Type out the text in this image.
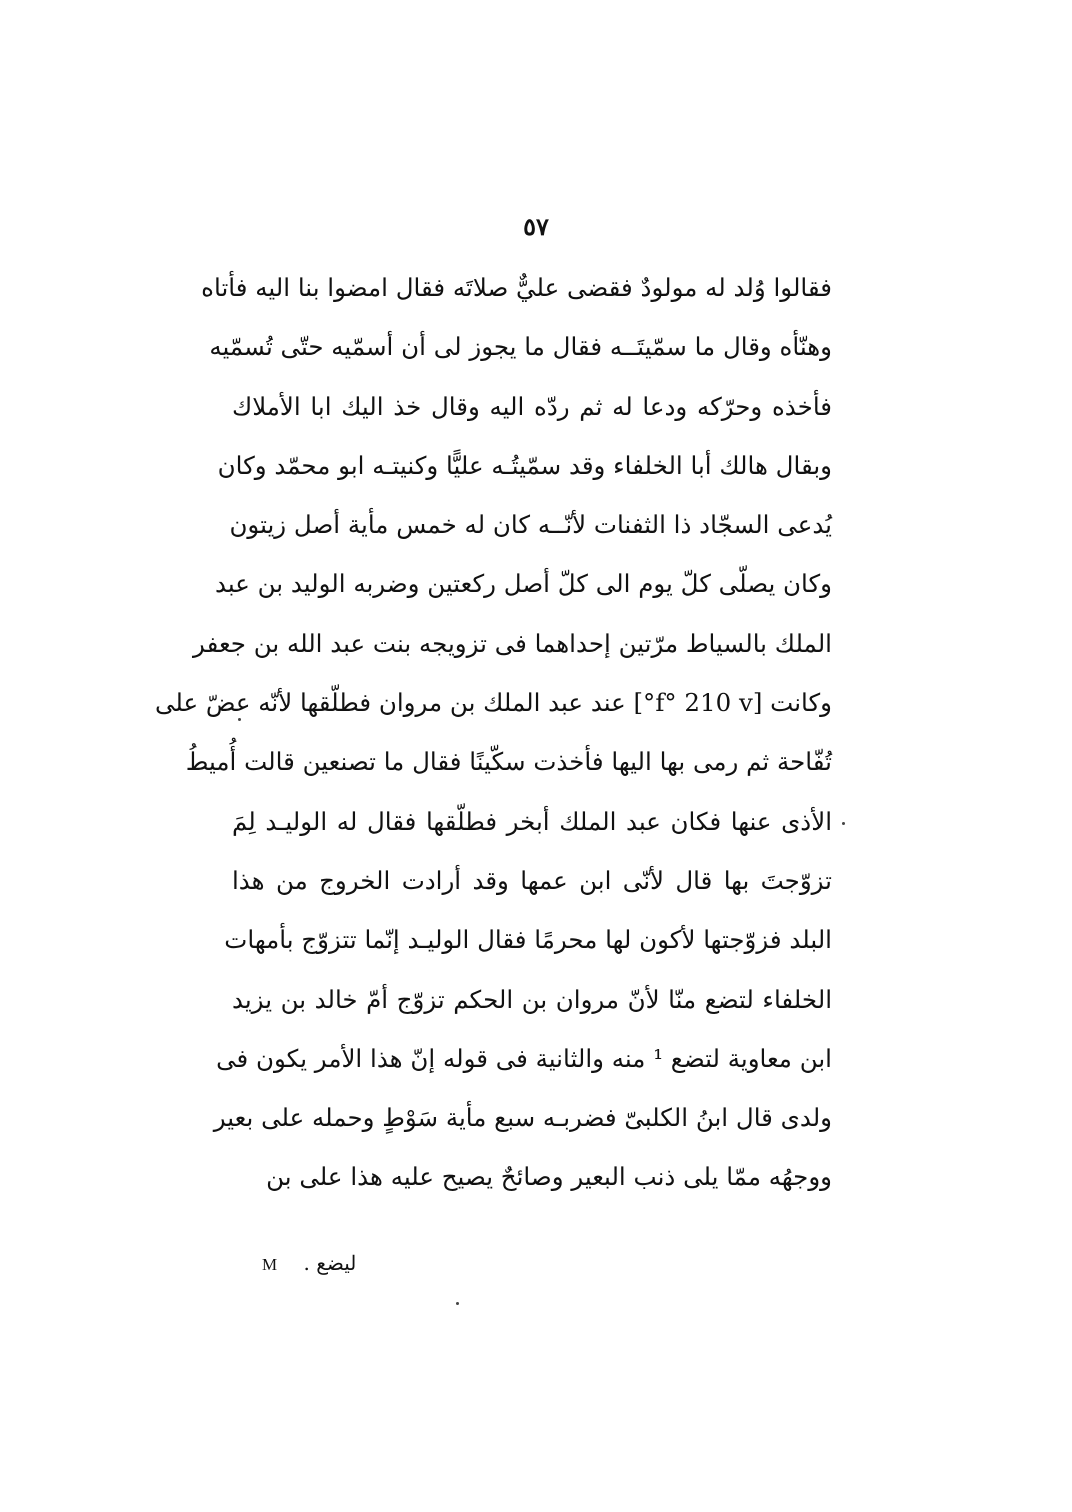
٥٧
فقالوا وُلد له مولودٌ فقضى عليٌّ صلاتَه فقال امضوا بنا اليه فأتاه
وهنّأه وقال ما سمّيتَــه فقال ما يجوز لى أن أسمّيه حتّى تُسمّيه
فأخذه وحرّكه ودعا له ثم ردّه اليه وقال خذ اليك ابا الأملاك
وبقال هالك أبا الخلفاء وقد سمّيتُـه عليًّا وكنيتـه ابو محمّد وكان
يُدعى السجّاد ذا الثفنات لأنّــه كان له خمس مأية أصل زيتون
وكان يصلّى كلّ يوم الى كلّ أصل ركعتين وضربه الوليد بن عبد
الملك بالسياط مرّتين إحداهما فى تزويجه بنت عبد الله بن جعفر
وكانت [f° 210 v°] عند عبد الملك بن مروان فطلّقها لأنّه عضّ على
تُفّاحة ثم رمى بها اليها فأخذت سكّينًا فقال ما تصنعين قالت أُميطُ
الأذى عنها فكان عبد الملك أبخر فطلّقها فقال له الوليـد لِمَ
تزوّجتَ بها قال لأنّى ابن عمها وقد أرادت الخروج من هذا
البلد فزوّجتها لأكون لها محرمًا فقال الوليـد إنّما تتزوّج بأمهات
الخلفاء لتضع منّا لأنّ مروان بن الحكم تزوّج أمّ خالد بن يزيد
ابن معاوية لتضع ¹ منه والثانية فى قوله إنّ هذا الأمر يكون فى
ولدى قال ابنُ الكلبىّ فضربـه سبع مأية سَوْطٍ وحمله على بعير
ووجهُه ممّا يلى ذنب البعير وصائحٌ يصيح عليه هذا على بن
لیضع . M
